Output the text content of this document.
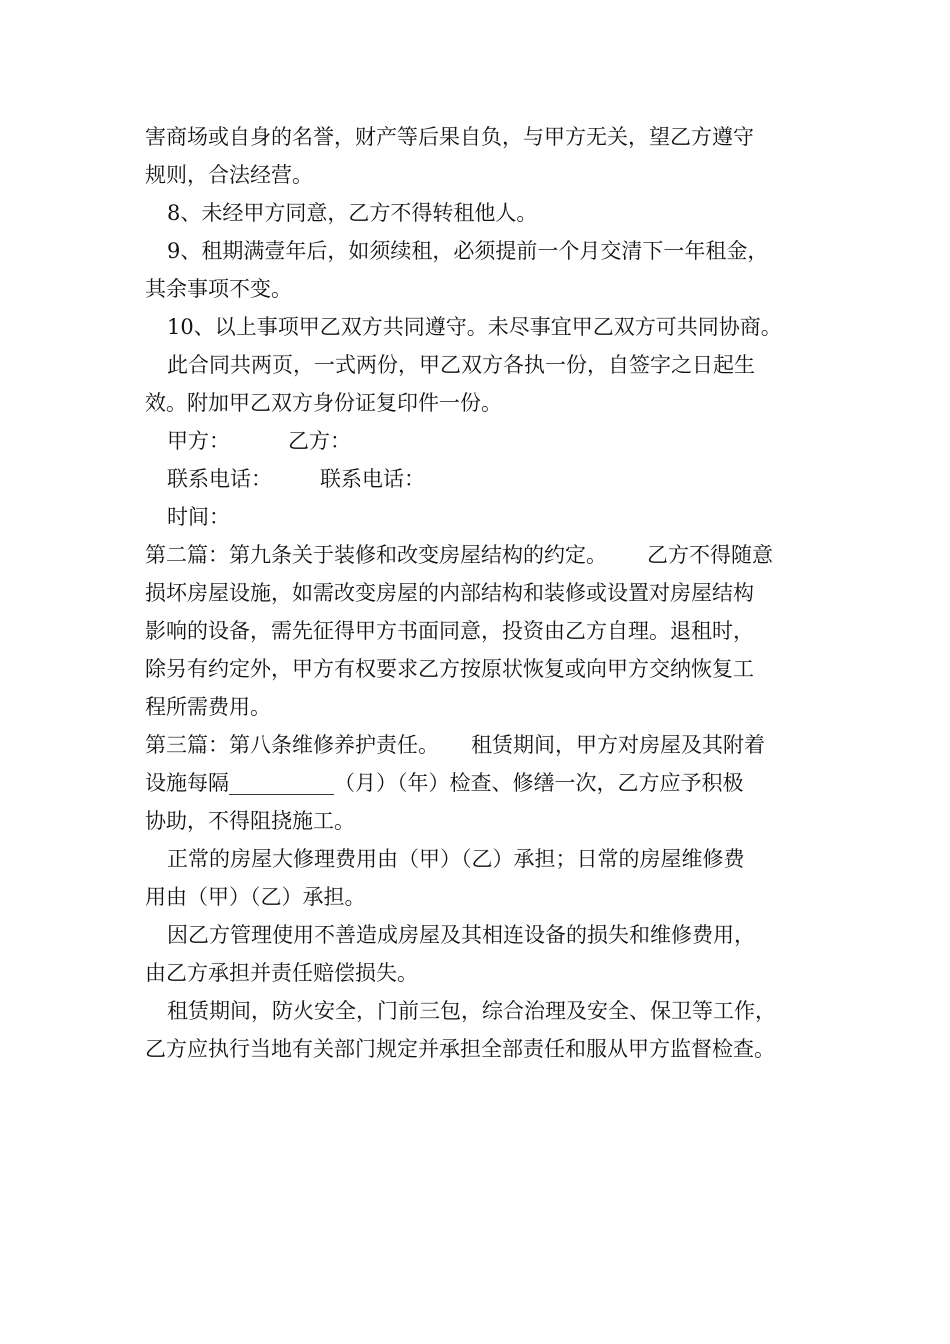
害商场或自身的名誉，财产等后果自负，与甲方无关，望乙方遵守

规则，合法经营。

8、未经甲方同意，乙方不得转租他人。

9、租期满壹年后，如须续租，必须提前一个月交清下一年租金，

其余事项不变。

10、以上事项甲乙双方共同遵守。未尽事宜甲乙双方可共同协商。

此合同共两页，一式两份，甲乙双方各执一份，自签字之日起生

效。附加甲乙双方身份证复印件一份。

甲方：	乙方：

联系电话： 联系电话：

时间：

第二篇：第九条关于装修和改变房屋结构的约定。 乙方不得随意

损坏房屋设施，如需改变房屋的内部结构和装修或设置对房屋结构

影响的设备，需先征得甲方书面同意，投资由乙方自理。退租时，

除另有约定外，甲方有权要求乙方按原状恢复或向甲方交纳恢复工

程所需费用。

第三篇：第八条维修养护责任。 租赁期间，甲方对房屋及其附着

设施每隔__________（月）（年）检查、修缮一次，乙方应予积极

协助，不得阻挠施工。

正常的房屋大修理费用由（甲）（乙）承担；日常的房屋维修费

用由（甲）（乙）承担。

因乙方管理使用不善造成房屋及其相连设备的损失和维修费用，

由乙方承担并责任赔偿损失。

租赁期间，防火安全，门前三包，综合治理及安全、保卫等工作，

乙方应执行当地有关部门规定并承担全部责任和服从甲方监督检查。
